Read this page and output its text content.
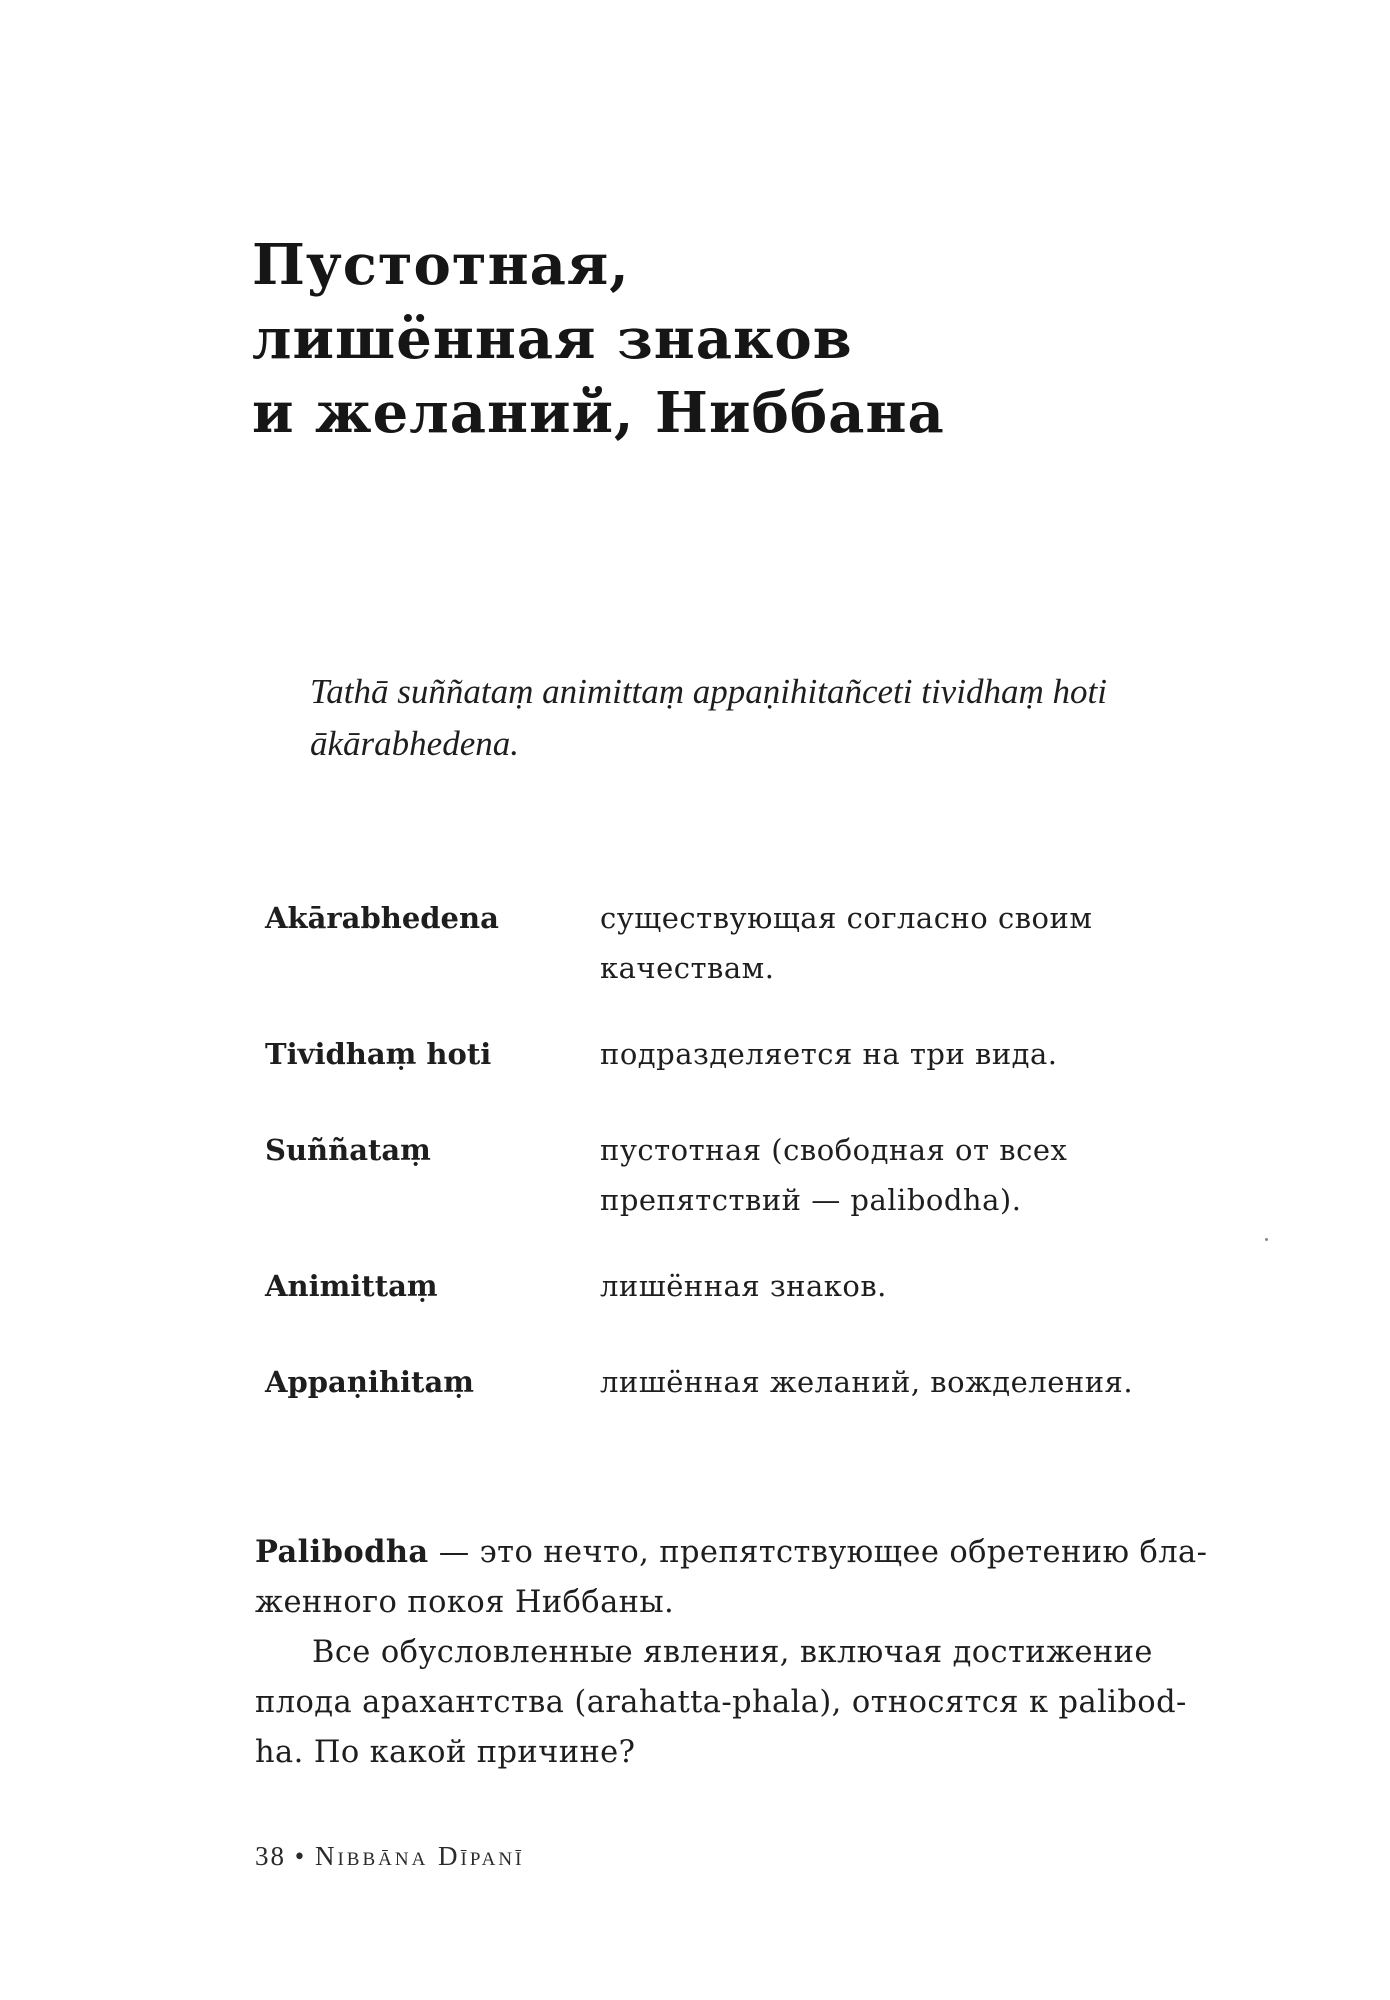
Пустотная,
лишённая знаков
и желаний, Ниббана
Tathā suññataṃ animittaṃ appaṇihitañceti tividhaṃ hoti
ākārabhedena.
Akārabhedena	существующая согласно своим
качествам.
Tividhaṃ hoti	подразделяется на три вида.
Suññataṃ	пустотная (свободная от всех
препятствий — palibodha).
Animittaṃ	лишённая знаков.
Appaṇihitaṃ	лишённая желаний, вожделения.

Palibodha — это нечто, препятствующее обретению бла-
женного покоя Ниббаны.

Все обусловленные явления, включая достижение
плода арахантства (arahatta-phala), относятся к palibod-
ha. По какой причине?

38 • Nibbāna Dīpanī
